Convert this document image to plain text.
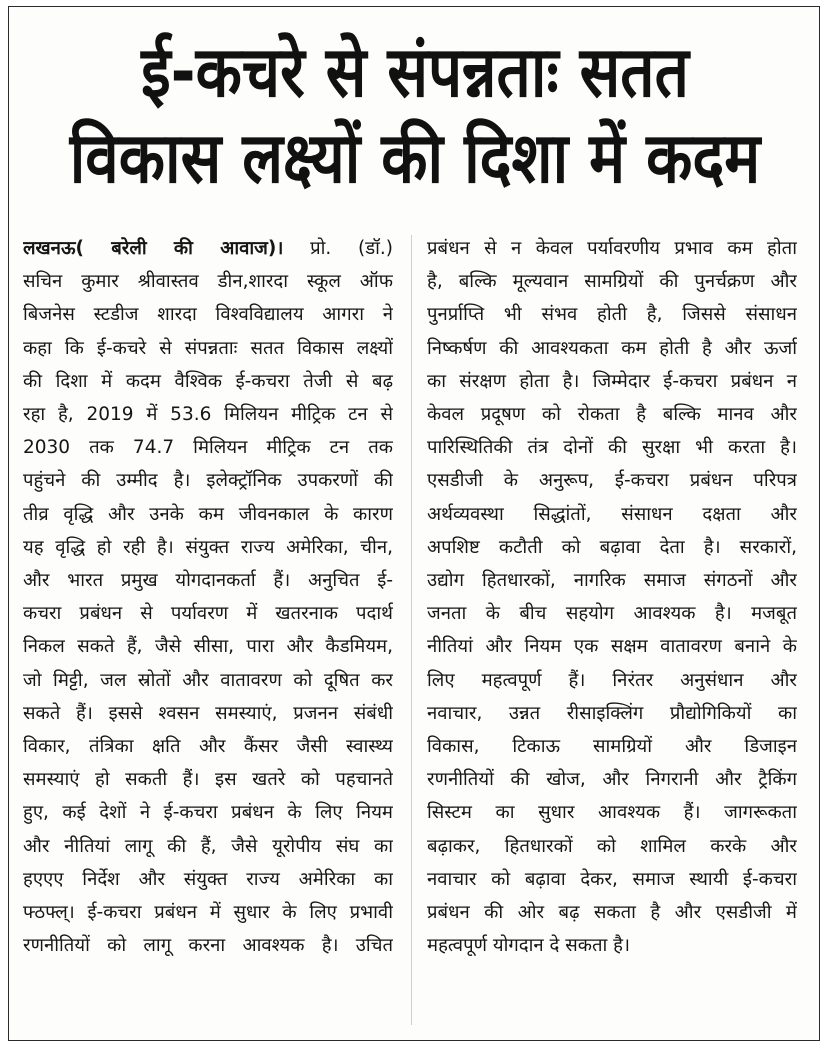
ई-कचरे से संपन्नताः सतत
विकास लक्ष्यों की दिशा में कदम
लखनऊ( बरेली की आवाज)। प्रो. (डॉ.)
सचिन कुमार श्रीवास्तव डीन,शारदा स्कूल ऑफ
बिजनेस स्टडीज शारदा विश्वविद्यालय आगरा ने
कहा कि ई-कचरे से संपन्नताः सतत विकास लक्ष्यों
की दिशा में कदम वैश्विक ई-कचरा तेजी से बढ़
रहा है, 2019 में 53.6 मिलियन मीट्रिक टन से
2030 तक 74.7 मिलियन मीट्रिक टन तक
पहुंचने की उम्मीद है। इलेक्ट्रॉनिक उपकरणों की
तीव्र वृद्धि और उनके कम जीवनकाल के कारण
यह वृद्धि हो रही है। संयुक्त राज्य अमेरिका, चीन,
और भारत प्रमुख योगदानकर्ता हैं। अनुचित ई-
कचरा प्रबंधन से पर्यावरण में खतरनाक पदार्थ
निकल सकते हैं, जैसे सीसा, पारा और कैडमियम,
जो मिट्टी, जल स्रोतों और वातावरण को दूषित कर
सकते हैं। इससे श्वसन समस्याएं, प्रजनन संबंधी
विकार, तंत्रिका क्षति और कैंसर जैसी स्वास्थ्य
समस्याएं हो सकती हैं। इस खतरे को पहचानते
हुए, कई देशों ने ई-कचरा प्रबंधन के लिए नियम
और नीतियां लागू की हैं, जैसे यूरोपीय संघ का
हएएए निर्देश और संयुक्त राज्य अमेरिका का
फ्ठफ्ल्। ई-कचरा प्रबंधन में सुधार के लिए प्रभावी
रणनीतियों को लागू करना आवश्यक है। उचित
प्रबंधन से न केवल पर्यावरणीय प्रभाव कम होता
है, बल्कि मूल्यवान सामग्रियों की पुनर्चक्रण और
पुनर्प्राप्ति भी संभव होती है, जिससे संसाधन
निष्कर्षण की आवश्यकता कम होती है और ऊर्जा
का संरक्षण होता है। जिम्मेदार ई-कचरा प्रबंधन न
केवल प्रदूषण को रोकता है बल्कि मानव और
पारिस्थितिकी तंत्र दोनों की सुरक्षा भी करता है।
एसडीजी के अनुरूप, ई-कचरा प्रबंधन परिपत्र
अर्थव्यवस्था सिद्धांतों, संसाधन दक्षता और
अपशिष्ट कटौती को बढ़ावा देता है। सरकारों,
उद्योग हितधारकों, नागरिक समाज संगठनों और
जनता के बीच सहयोग आवश्यक है। मजबूत
नीतियां और नियम एक सक्षम वातावरण बनाने के
लिए महत्वपूर्ण हैं। निरंतर अनुसंधान और
नवाचार, उन्नत रीसाइक्लिंग प्रौद्योगिकियों का
विकास, टिकाऊ सामग्रियों और डिजाइन
रणनीतियों की खोज, और निगरानी और ट्रैकिंग
सिस्टम का सुधार आवश्यक हैं। जागरूकता
बढ़ाकर, हितधारकों को शामिल करके और
नवाचार को बढ़ावा देकर, समाज स्थायी ई-कचरा
प्रबंधन की ओर बढ़ सकता है और एसडीजी में
महत्वपूर्ण योगदान दे सकता है।
